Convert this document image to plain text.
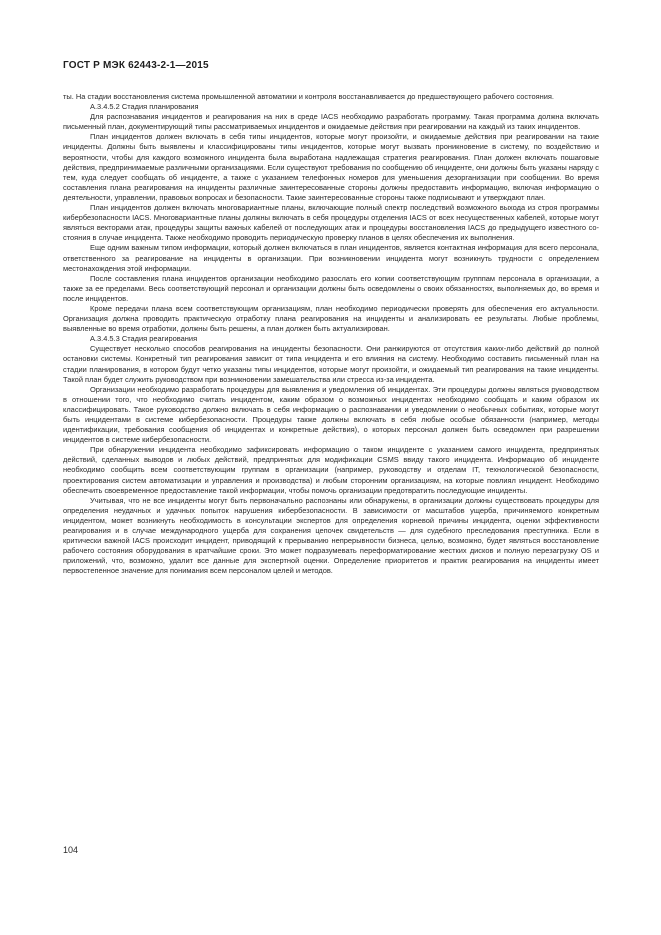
ГОСТ Р МЭК 62443-2-1—2015

ты. На стадии восстановления система промышленной автоматики и контроля восстанавливается до предшествующего рабочего состояния.

А.3.4.5.2 Стадия планирования

Для распознавания инцидентов и реагирования на них в среде IACS необходимо разработать программу. Такая программа должна включать письменный план, документирующий типы рассматриваемых инцидентов и ожидаемые действия при реагировании на каждый из таких инцидентов.

План инцидентов должен включать в себя типы инцидентов, которые могут произойти, и ожидаемые действия при реагировании на такие инциденты. Должны быть выявлены и классифицированы типы инцидентов, которые могут вызвать проникновение в систему, по воздействию и вероятности, чтобы для каждого возможного инцидента была выработана надлежащая стратегия реагирования. План должен включать пошаговые действия, предпринимаемые различными организациями. Если существуют требования по сообщению об инциденте, они должны быть указаны наряду с тем, куда следует сообщать об инциденте, а также с указанием телефонных номеров для уменьшения дезорганизации при сообщении. Во время составления плана реагирования на инциденты различные заинтересованные стороны должны предоставить информацию, включая информацию о деятельности, управлении, правовых вопросах и безопасности. Такие заинтересованные стороны также подписывают и утверждают план.

План инцидентов должен включать многовариантные планы, включающие полный спектр последствий возможного выхода из строя программы кибербезопасности IACS. Многовариантные планы должны включать в себя процедуры отделения IACS от всех несущественных кабелей, которые могут являться векторами атак, процедуры защиты важных кабелей от последующих атак и процедуры восстановления IACS до предыдущего известного состояния в случае инцидента. Также необходимо проводить периодическую проверку планов в целях обеспечения их выполнения.

Еще одним важным типом информации, который должен включаться в план инцидентов, является контактная информация для всего персонала, ответственного за реагирование на инциденты в организации. При возникновении инцидента могут возникнуть трудности с определением местонахождения этой информации.

После составления плана инцидентов организации необходимо разослать его копии соответствующим групппам персонала в организации, а также за ее пределами. Весь соответствующий персонал и организации должны быть осведомлены о своих обязанностях, выполняемых до, во время и после инцидентов.

Кроме передачи плана всем соответствующим организациям, план необходимо периодически проверять для обеспечения его актуальности. Организация должна проводить практическую отработку плана реагирования на инциденты и анализировать ее результаты. Любые проблемы, выявленные во время отработки, должны быть решены, а план должен быть актуализирован.

А.3.4.5.3 Стадия реагирования

Существует несколько способов реагирования на инциденты безопасности. Они ранжируются от отсутствия каких-либо действий до полной остановки системы. Конкретный тип реагирования зависит от типа инцидента и его влияния на систему. Необходимо составить письменный план на стадии планирования, в котором будут четко указаны типы инцидентов, которые могут произойти, и ожидаемый тип реагирования на такие инциденты. Такой план будет служить руководством при возникновении замешательства или стресса из-за инцидента.

Организации необходимо разработать процедуры для выявления и уведомления об инцидентах. Эти процедуры должны являться руководством в отношении того, что необходимо считать инцидентом, каким образом о возможных инцидентах необходимо сообщать и каким образом их классифицировать. Такое руководство должно включать в себя информацию о распознавании и уведомлении о необычных событиях, которые могут быть инцидентами в системе кибербезопасности. Процедуры также должны включать в себя любые особые обязанности (например, методы идентификации, требования сообщения об инцидентах и конкретные действия), о которых персонал должен быть осведомлен при разрешении инцидентов в системе кибербезопасности.

При обнаружении инцидента необходимо зафиксировать информацию о таком инциденте с указанием самого инцидента, предпринятых действий, сделанных выводов и любых действий, предпринятых для модификации CSMS ввиду такого инцидента. Информацию об инциденте необходимо сообщить всем соответствующим группам в организации (например, руководству и отделам IT, технологической безопасности, проектирования систем автоматизации и управления и производства) и любым сторонним организациям, на которые повлиял инцидент. Необходимо обеспечить своевременное предоставление такой информации, чтобы помочь организации предотвратить последующие инциденты.

Учитывая, что не все инциденты могут быть первоначально распознаны или обнаружены, в организации должны существовать процедуры для определения неудачных и удачных попыток нарушения кибербезопасности. В зависимости от масштабов ущерба, причиняемого конкретным инцидентом, может возникнуть необходимость в консультации экспертов для определения корневой причины инцидента, оценки эффективности реагирования и в случае международного ущерба для сохранения цепочек свидетельств — для судебного преследования преступника. Если в критически важной IACS происходит инцидент, приводящий к прерыванию непрерывности бизнеса, целью, возможно, будет являться восстановление рабочего состояния оборудования в кратчайшие сроки. Это может подразумевать переформатирование жестких дисков и полную перезагрузку OS и приложений, что, возможно, удалит все данные для экспертной оценки. Определение приоритетов и практик реагирования на инциденты имеет первостепенное значение для понимания всем персоналом целей и методов.

104
